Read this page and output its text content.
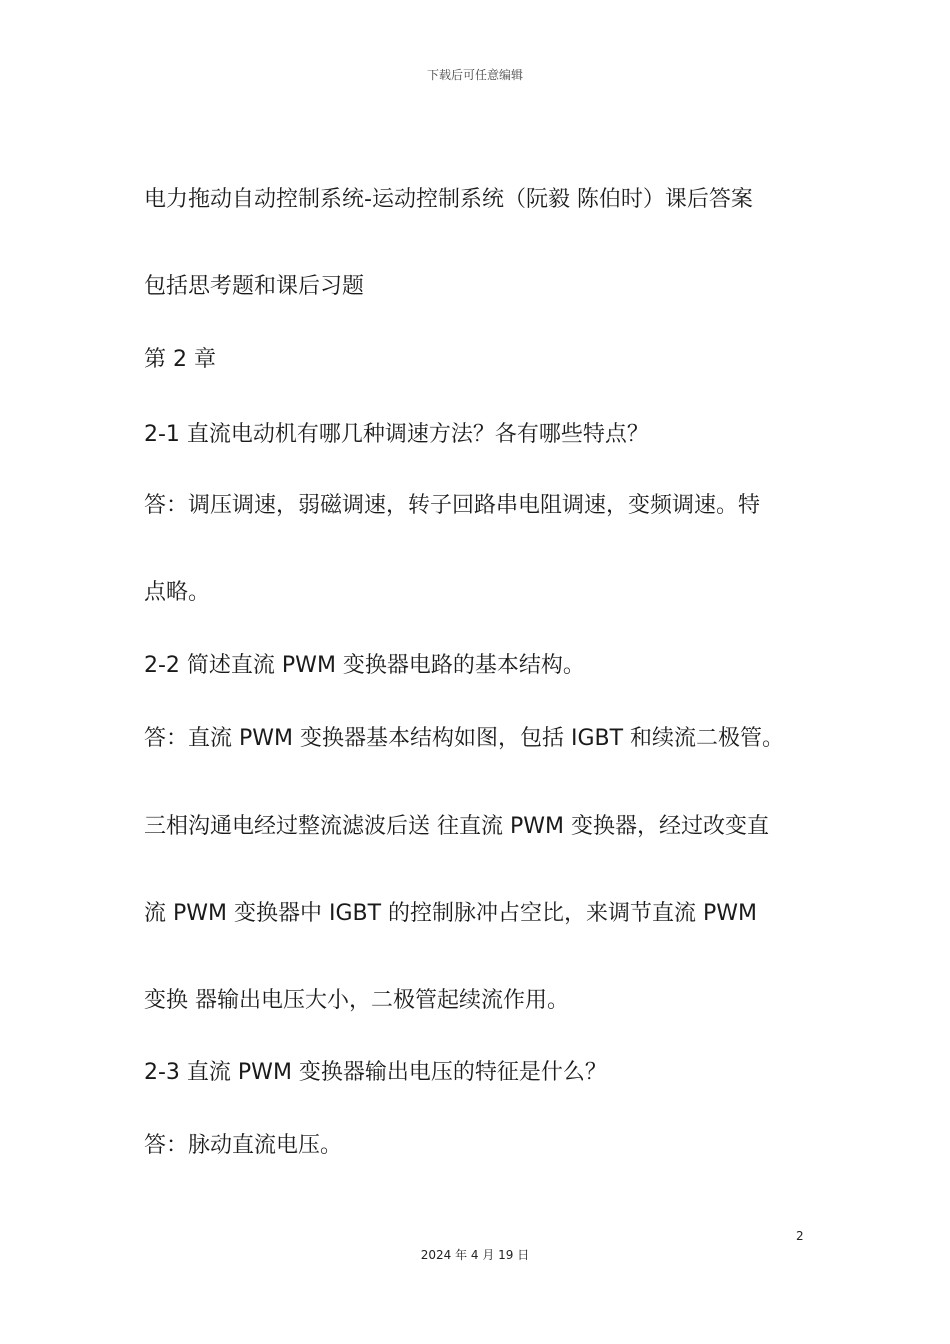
下载后可任意编辑
电力拖动自动控制系统-运动控制系统（阮毅 陈伯时）课后答案
包括思考题和课后习题
第 2 章
2-1 直流电动机有哪几种调速方法？各有哪些特点？
答：调压调速，弱磁调速，转子回路串电阻调速，变频调速。特
点略。
2-2 简述直流 PWM 变换器电路的基本结构。
答：直流 PWM 变换器基本结构如图，包括 IGBT 和续流二极管。
三相沟通电经过整流滤波后送 往直流 PWM 变换器，经过改变直
流 PWM 变换器中 IGBT 的控制脉冲占空比，来调节直流 PWM
变换 器输出电压大小，二极管起续流作用。
2-3 直流 PWM 变换器输出电压的特征是什么？
答：脉动直流电压。
2
2024 年 4 月 19 日
